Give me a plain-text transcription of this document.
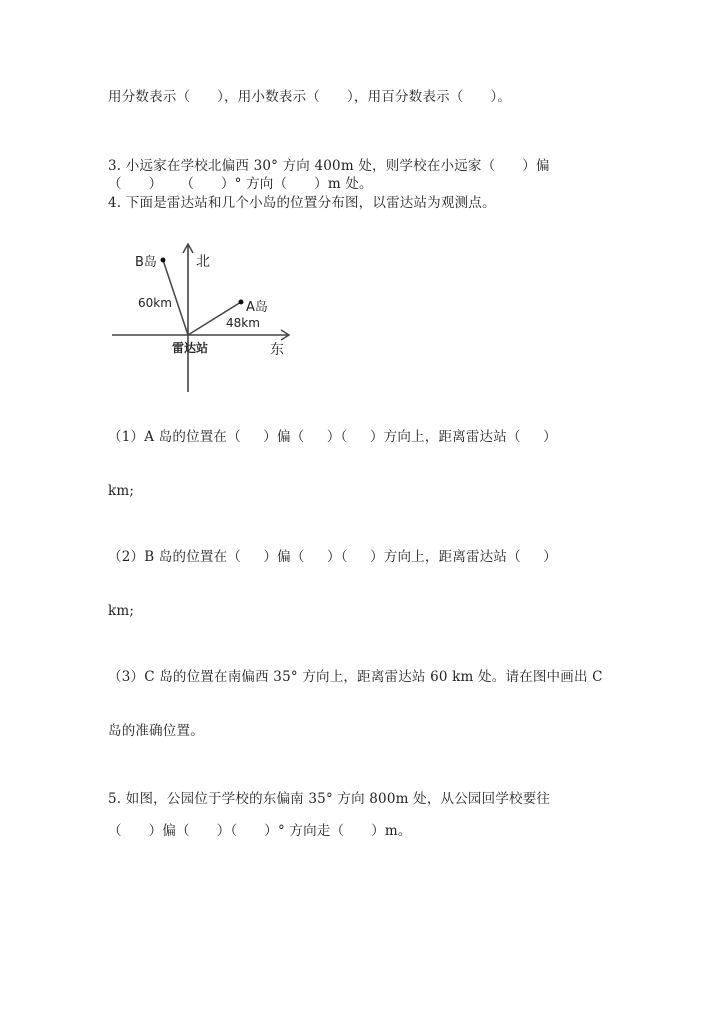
用分数表示（      ），用小数表示（      ），用百分数表示（      ）。
3. 小远家在学校北偏西 30° 方向 400m 处，则学校在小远家（      ）偏
（      ）    （      ）° 方向（      ）m 处。
4. 下面是雷达站和几个小岛的位置分布图，以雷达站为观测点。
B岛	北
60km	A岛
48km
雷达站	东
（1）A 岛的位置在（     ）偏（     ）（     ）方向上，距离雷达站（     ）
km;
（2）B 岛的位置在（     ）偏（     ）（     ）方向上，距离雷达站（     ）
km;
（3）C 岛的位置在南偏西 35° 方向上，距离雷达站 60 km 处。请在图中画出 C
岛的准确位置。
5. 如图，公园位于学校的东偏南 35° 方向 800m 处，从公园回学校要往
（      ）偏（      ）（      ）° 方向走（      ）m。
